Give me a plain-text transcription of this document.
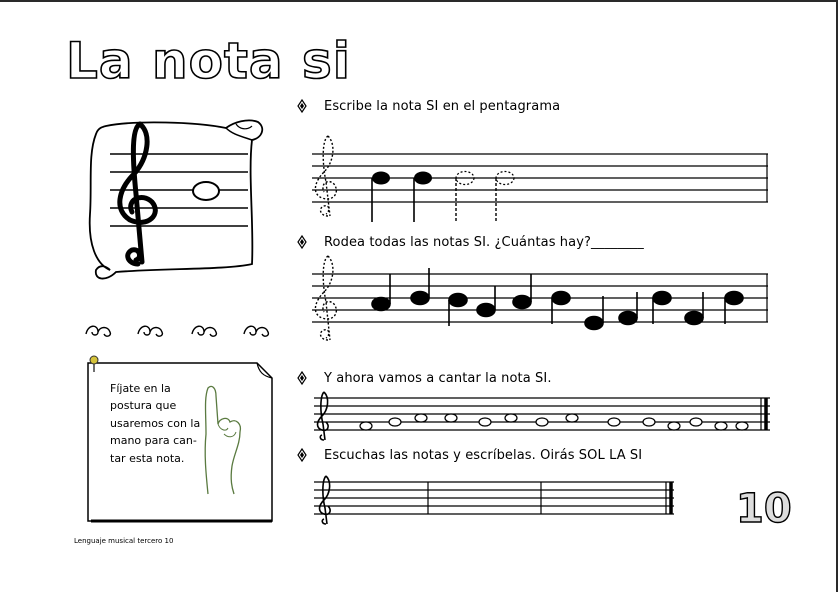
La nota si
Fíjate en la
postura que
usaremos con la
mano para can-
tar esta nota.
Escribe la nota SI en el pentagrama
Rodea todas las notas SI. ¿Cuántas hay?________
Y ahora vamos a cantar la nota SI.
Escuchas las notas y escríbelas. Oirás SOL LA SI
10
Lenguaje musical tercero 10
